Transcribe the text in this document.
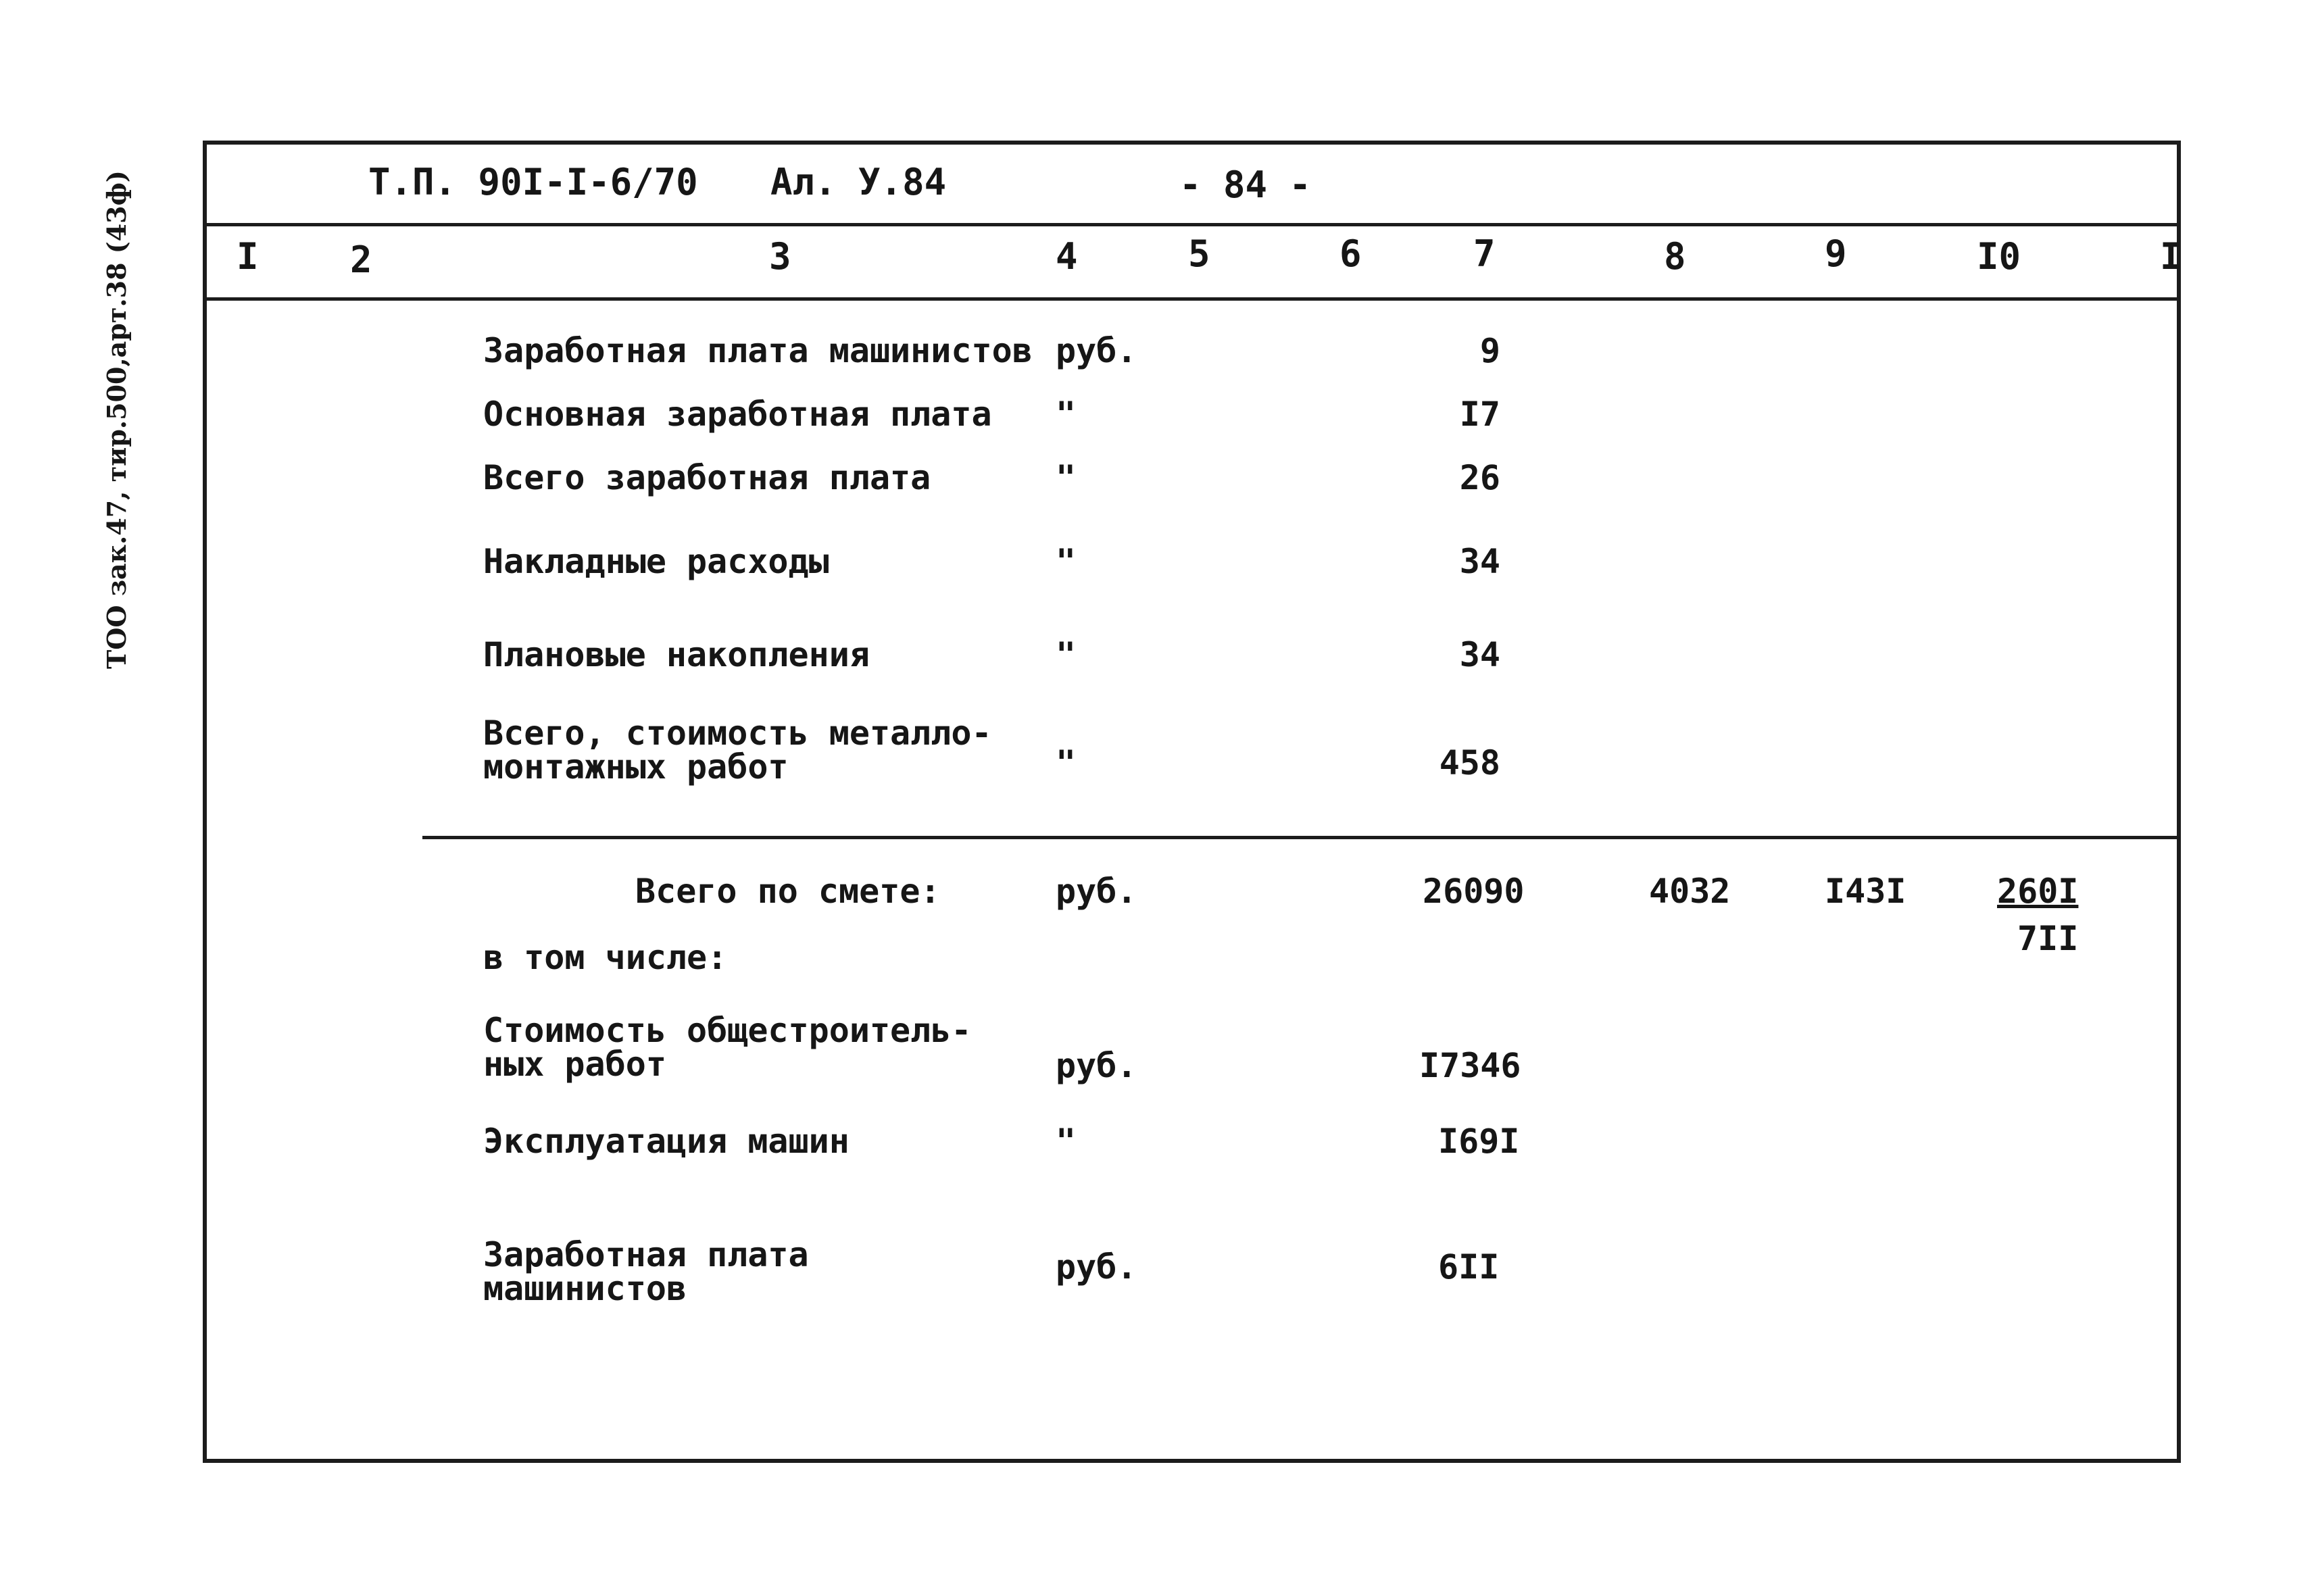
ТОО зак.47, тир.500,арт.38 (43ф)	Т.П. 90I-I-6/70 Ал. У.84	- 84 -
I	2	3	4	5	6	7	8	9	I0	I
Заработная плата машинистов руб.	9
Основная заработная плата "	I7
Всего заработная плата	"	26
Накладные расходы	"	34
Плановые накопления	"	34
Всего, стоимость металло-
монтажных работ	"	458
Всего по смете:	руб.	26090	4032	I43I	260I
7II
в том числе:
Стоимость общестроитель-
ных работ	руб.	I7346
Эксплуатация машин	"	I69I
Заработная плата
машинистов
руб.	6II
